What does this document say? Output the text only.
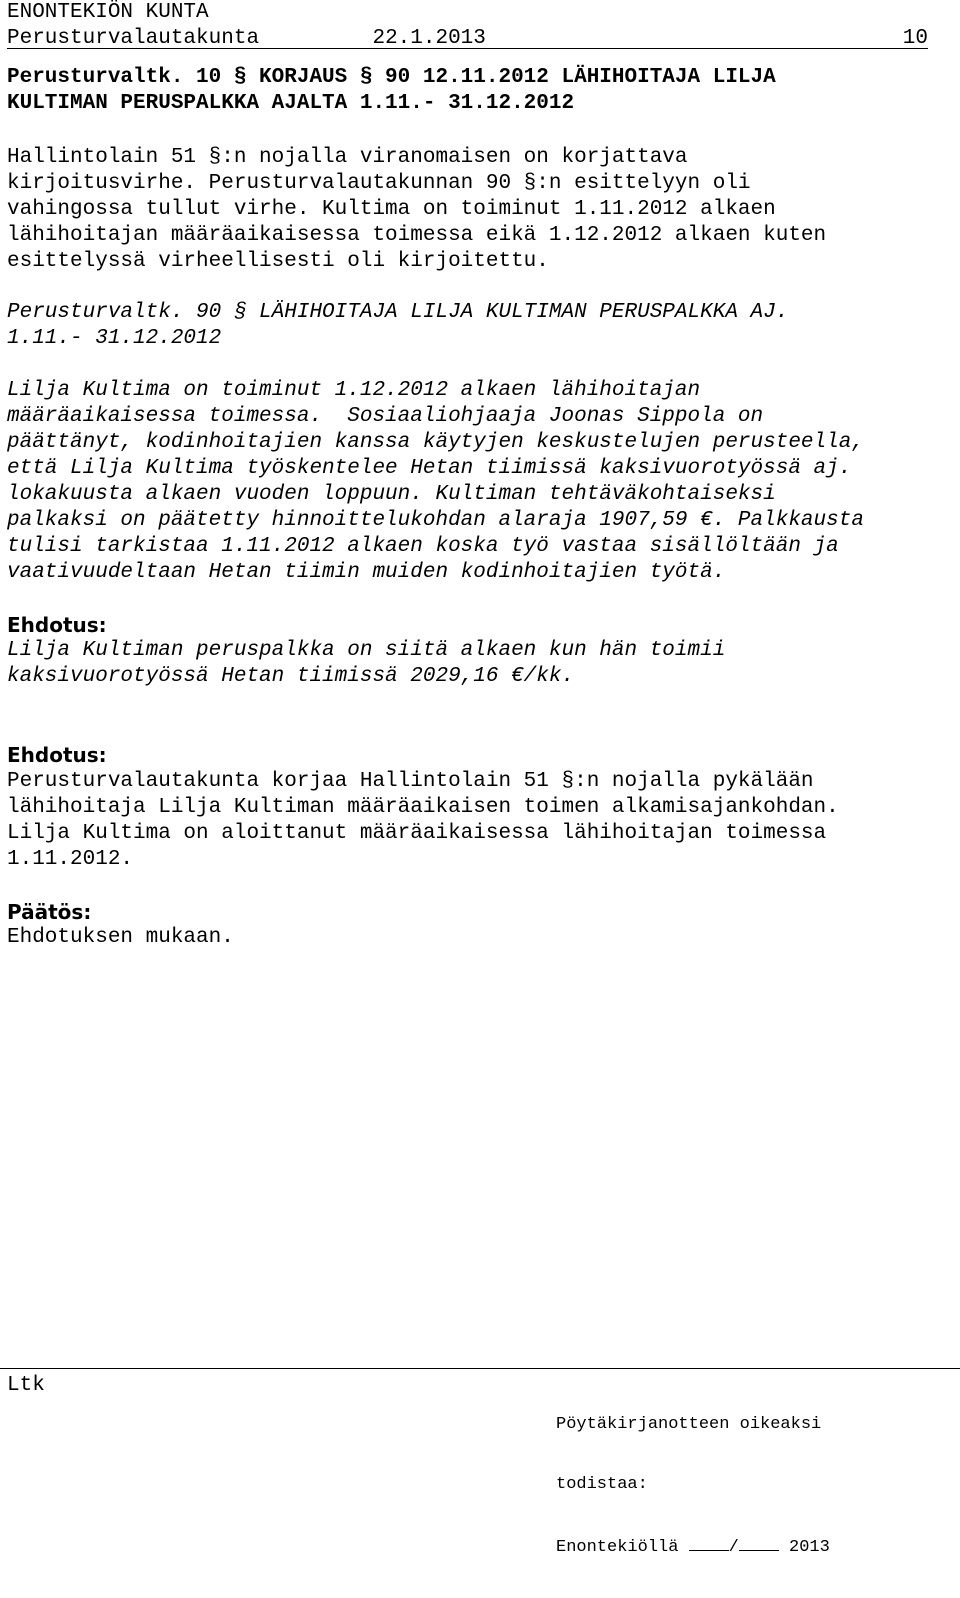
ENONTEKIÖN KUNTA
Perusturvalautakunta	22.1.2013	10
Perusturvaltk. 10 § KORJAUS § 90 12.11.2012 LÄHIHOITAJA LILJA
KULTIMAN PERUSPALKKA AJALTA 1.11.- 31.12.2012
Hallintolain 51 §:n nojalla viranomaisen on korjattava
kirjoitusvirhe. Perusturvalautakunnan 90 §:n esittelyyn oli
vahingossa tullut virhe. Kultima on toiminut 1.11.2012 alkaen
lähihoitajan määräaikaisessa toimessa eikä 1.12.2012 alkaen kuten
esittelyssä virheellisesti oli kirjoitettu.
Perusturvaltk. 90 § LÄHIHOITAJA LILJA KULTIMAN PERUSPALKKA AJ.
1.11.- 31.12.2012
Lilja Kultima on toiminut 1.12.2012 alkaen lähihoitajan
määräaikaisessa toimessa.  Sosiaaliohjaaja Joonas Sippola on
päättänyt, kodinhoitajien kanssa käytyjen keskustelujen perusteella,
että Lilja Kultima työskentelee Hetan tiimissä kaksivuorotyössä aj.
lokakuusta alkaen vuoden loppuun. Kultiman tehtäväkohtaiseksi
palkaksi on päätetty hinnoittelukohdan alaraja 1907,59 €. Palkkausta
tulisi tarkistaa 1.11.2012 alkaen koska työ vastaa sisällöltään ja
vaativuudeltaan Hetan tiimin muiden kodinhoitajien työtä.
Ehdotus:
Lilja Kultiman peruspalkka on siitä alkaen kun hän toimii
kaksivuorotyössä Hetan tiimissä 2029,16 €/kk.
Ehdotus:
Perusturvalautakunta korjaa Hallintolain 51 §:n nojalla pykälään
lähihoitaja Lilja Kultiman määräaikaisen toimen alkamisajankohdan.
Lilja Kultima on aloittanut määräaikaisessa lähihoitajan toimessa
1.11.2012.
Päätös:
Ehdotuksen mukaan.
Ltk

Pöytäkirjanotteen oikeaksi

todistaa:

Enontekiöllä	/	2013
